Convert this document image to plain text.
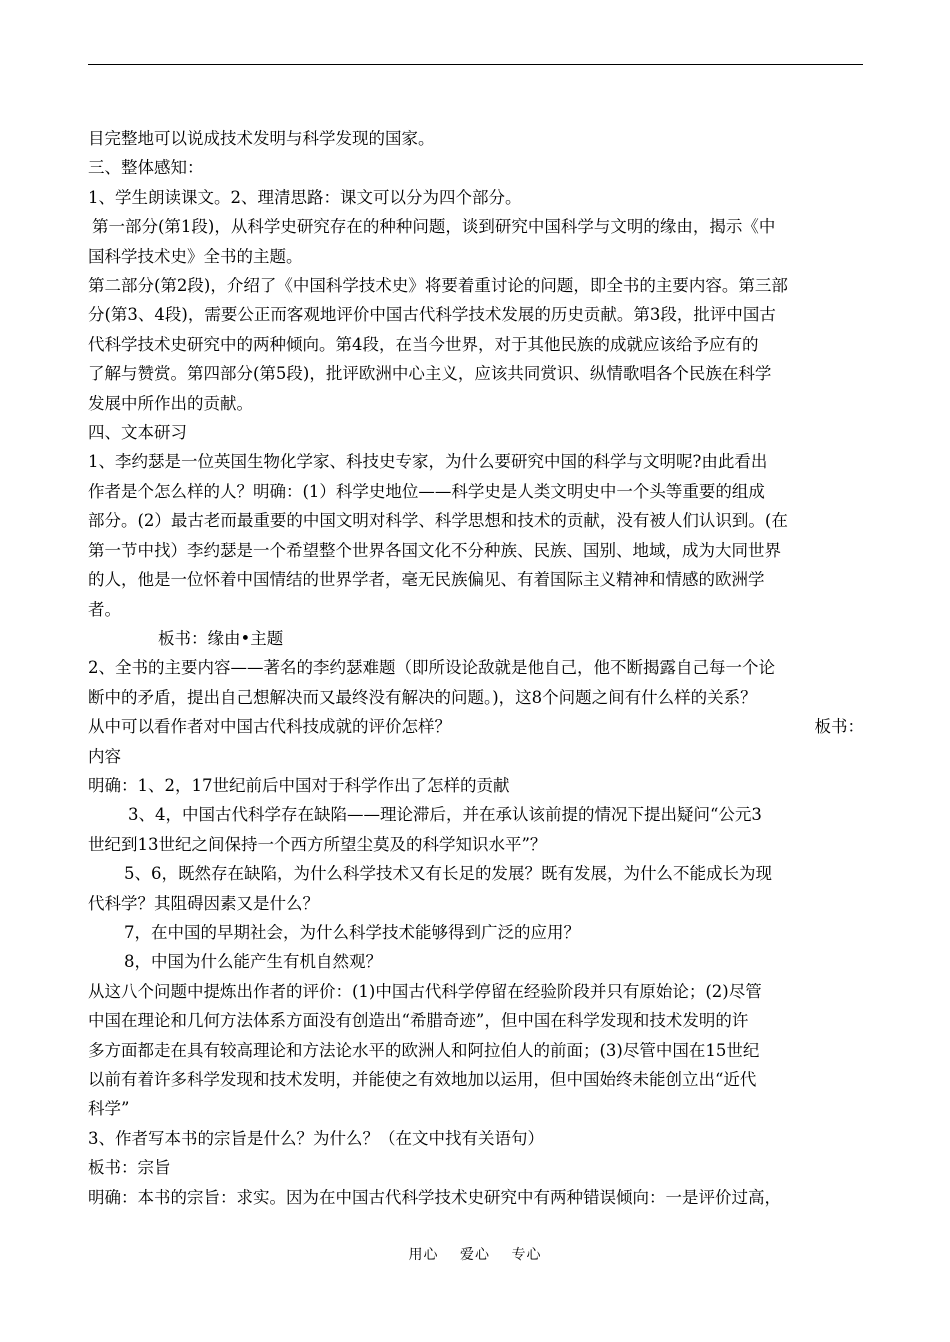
目完整地可以说成技术发明与科学发现的国家。

三、整体感知：

1、学生朗读课文。2、理清思路：课文可以分为四个部分。

第一部分(第1段)，从科学史研究存在的种种问题，谈到研究中国科学与文明的缘由，揭示《中

国科学技术史》全书的主题。

第二部分(第2段)，介绍了《中国科学技术史》将要着重讨论的问题，即全书的主要内容。第三部

分(第3、4段)，需要公正而客观地评价中国古代科学技术发展的历史贡献。第3段，批评中国古

代科学技术史研究中的两种倾向。第4段，在当今世界，对于其他民族的成就应该给予应有的

了解与赞赏。第四部分(第5段)，批评欧洲中心主义，应该共同赏识、纵情歌唱各个民族在科学

发展中所作出的贡献。

四、文本研习

1、李约瑟是一位英国生物化学家、科技史专家，为什么要研究中国的科学与文明呢?由此看出

作者是个怎么样的人？明确：(1）科学史地位——科学史是人类文明史中一个头等重要的组成

部分。(2）最古老而最重要的中国文明对科学、科学思想和技术的贡献，没有被人们认识到。(在

第一节中找）李约瑟是一个希望整个世界各国文化不分种族、民族、国别、地域，成为大同世界

的人，他是一位怀着中国情结的世界学者，毫无民族偏见、有着国际主义精神和情感的欧洲学

者。

板书：缘由•主题

2、全书的主要内容——著名的李约瑟难题（即所设论敌就是他自己，他不断揭露自己每一个论

断中的矛盾，提出自己想解决而又最终没有解决的问题。)，这8个问题之间有什么样的关系？

从中可以看作者对中国古代科技成就的评价怎样？	板书：

内容

明确：1、2，17世纪前后中国对于科学作出了怎样的贡献

3、4，中国古代科学存在缺陷——理论滞后，并在承认该前提的情况下提出疑问“公元3

世纪到13世纪之间保持一个西方所望尘莫及的科学知识水平”？

5、6，既然存在缺陷，为什么科学技术又有长足的发展？既有发展，为什么不能成长为现

代科学？其阻碍因素又是什么？

7，在中国的早期社会，为什么科学技术能够得到广泛的应用？

8，中国为什么能产生有机自然观？

从这八个问题中提炼出作者的评价：(1)中国古代科学停留在经验阶段并只有原始论；(2)尽管

中国在理论和几何方法体系方面没有创造出“希腊奇迹”，但中国在科学发现和技术发明的许

多方面都走在具有较高理论和方法论水平的欧洲人和阿拉伯人的前面；(3)尽管中国在15世纪

以前有着许多科学发现和技术发明，并能使之有效地加以运用，但中国始终未能创立出“近代

科学”

3、作者写本书的宗旨是什么？为什么？（在文中找有关语句）

板书：宗旨

明确：本书的宗旨：求实。因为在中国古代科学技术史研究中有两种错误倾向：一是评价过高，

用心 爱心 专心
